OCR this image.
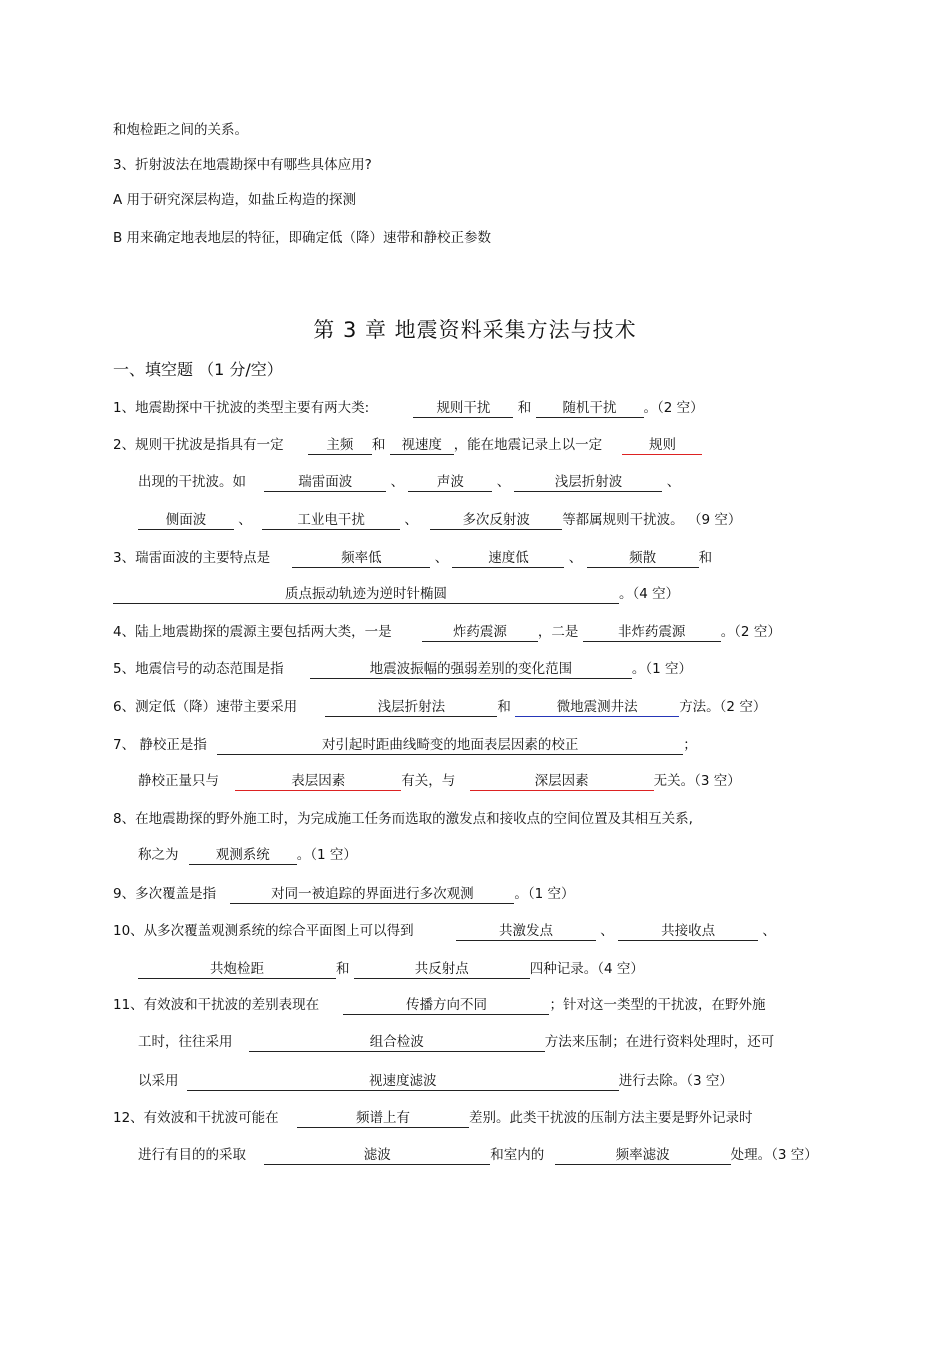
和炮检距之间的关系。
3、折射波法在地震勘探中有哪些具体应用?
A 用于研究深层构造，如盐丘构造的探测
B 用来确定地表地层的特征，即确定低（降）速带和静校正参数
第 3 章 地震资料采集方法与技术
一、填空题 （1 分/空）
1、地震勘探中干扰波的类型主要有两大类:	规则干扰 和 随机干扰 。（2 空）
2、规则干扰波是指具有一定	主频 和 视速度 ，能在地震记录上以一定	规则
出现的干扰波。如	瑞雷面波	、 声波 、	浅层折射波	、
侧面波 、	工业电干扰	、	多次反射波 等都属规则干扰波。 （9 空）
3、瑞雷面波的主要特点是	频率低	、	速度低	、	频散	和
质点振动轨迹为逆时针椭圆	。（4 空）
4、陆上地震勘探的震源主要包括两大类，一是	炸药震源 ，二是	非炸药震源	。（2 空）
5、地震信号的动态范围是指	地震波振幅的强弱差别的变化范围	。（1 空）
6、测定低（降）速带主要采用	浅层折射法	和	微地震测井法	方法。（2 空）
7、 静校正是指	对引起时距曲线畸变的地面表层因素的校正	；
静校正量只与	表层因素	有关，与	深层因素	无关。（3 空）
8、在地震勘探的野外施工时，为完成施工任务而选取的激发点和接收点的空间位置及其相互关系,
称之为	观测系统 。（1 空）
9、多次覆盖是指	对同一被追踪的界面进行多次观测	。（1 空）
10、从多次覆盖观测系统的综合平面图上可以得到	共激发点	、	共接收点	、
共炮检距	和	共反射点	四种记录。（4 空）
11、有效波和干扰波的差别表现在	传播方向不同	；针对这一类型的干扰波，在野外施
工时，往往采用	组合检波	方法来压制；在进行资料处理时，还可
以采用	视速度滤波	进行去除。（3 空）
12、有效波和干扰波可能在	频谱上有	差别。此类干扰波的压制方法主要是野外记录时
进行有目的的采取	滤波	和室内的	频率滤波	处理。（3 空）
